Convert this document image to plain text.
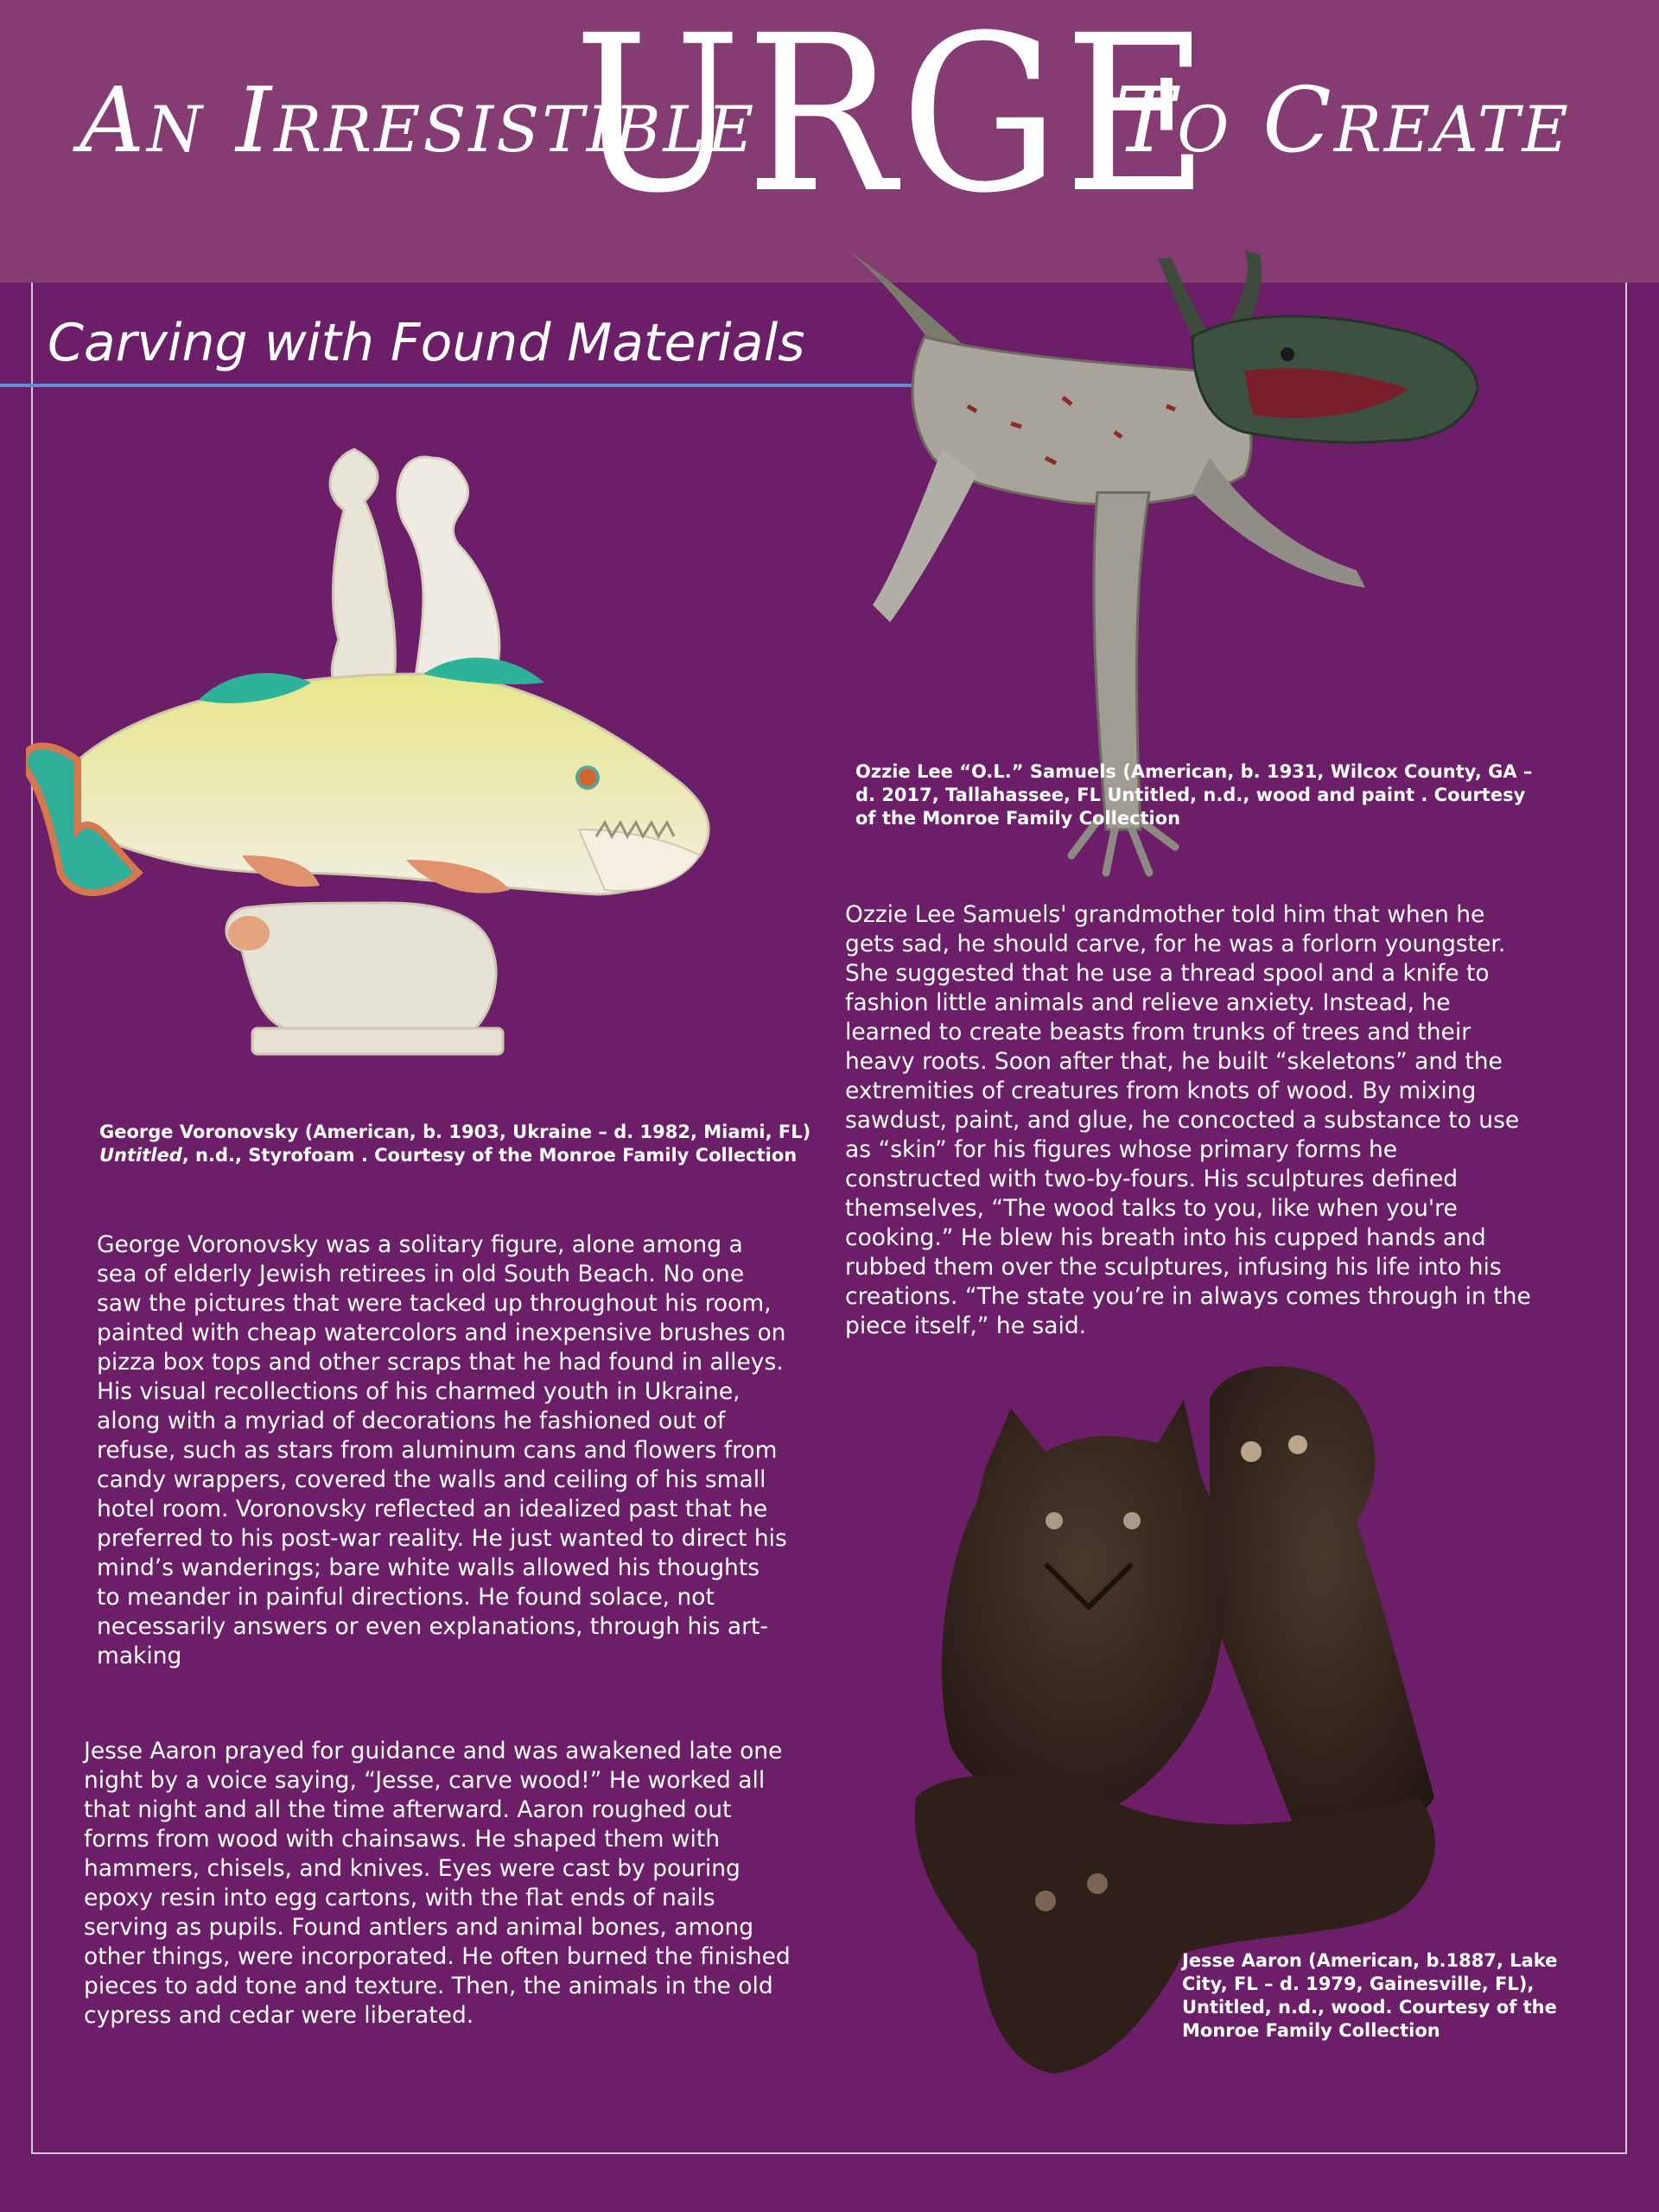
An Irresistible
URGE
To Create
Carving with Found Materials
Ozzie Lee “O.L.” Samuels (American, b. 1931, Wilcox County, GA – d. 2017, Tallahassee, FL Untitled, n.d., wood and paint . Courtesy of the Monroe Family Collection
George Voronovsky (American, b. 1903, Ukraine – d. 1982, Miami, FL)
Untitled, n.d., Styrofoam . Courtesy of the Monroe Family Collection
Ozzie Lee Samuels' grandmother told him that when he gets sad, he should carve, for he was a forlorn youngster. She suggested that he use a thread spool and a knife to fashion little animals and relieve anxiety. Instead, he learned to create beasts from trunks of trees and their heavy roots. Soon after that, he built “skeletons” and the extremities of creatures from knots of wood. By mixing sawdust, paint, and glue, he concocted a substance to use as “skin” for his figures whose primary forms he constructed with two-by-fours. His sculptures defined themselves, “The wood talks to you, like when you're cooking.” He blew his breath into his cupped hands and rubbed them over the sculptures, infusing his life into his creations. “The state you’re in always comes through in the piece itself,” he said.
George Voronovsky was a solitary figure, alone among a sea of elderly Jewish retirees in old South Beach. No one saw the pictures that were tacked up throughout his room, painted with cheap watercolors and inexpensive brushes on pizza box tops and other scraps that he had found in alleys. His visual recollections of his charmed youth in Ukraine, along with a myriad of decorations he fashioned out of refuse, such as stars from aluminum cans and flowers from candy wrappers, covered the walls and ceiling of his small hotel room. Voronovsky reflected an idealized past that he preferred to his post-war reality. He just wanted to direct his mind’s wanderings; bare white walls allowed his thoughts to meander in painful directions. He found solace, not necessarily answers or even explanations, through his art-making
Jesse Aaron prayed for guidance and was awakened late one night by a voice saying, “Jesse, carve wood!” He worked all that night and all the time afterward. Aaron roughed out forms from wood with chainsaws. He shaped them with hammers, chisels, and knives. Eyes were cast by pouring epoxy resin into egg cartons, with the flat ends of nails serving as pupils. Found antlers and animal bones, among other things, were incorporated. He often burned the finished pieces to add tone and texture. Then, the animals in the old cypress and cedar were liberated.
Jesse Aaron (American, b.1887, Lake City, FL – d. 1979, Gainesville, FL), Untitled, n.d., wood. Courtesy of the Monroe Family Collection
